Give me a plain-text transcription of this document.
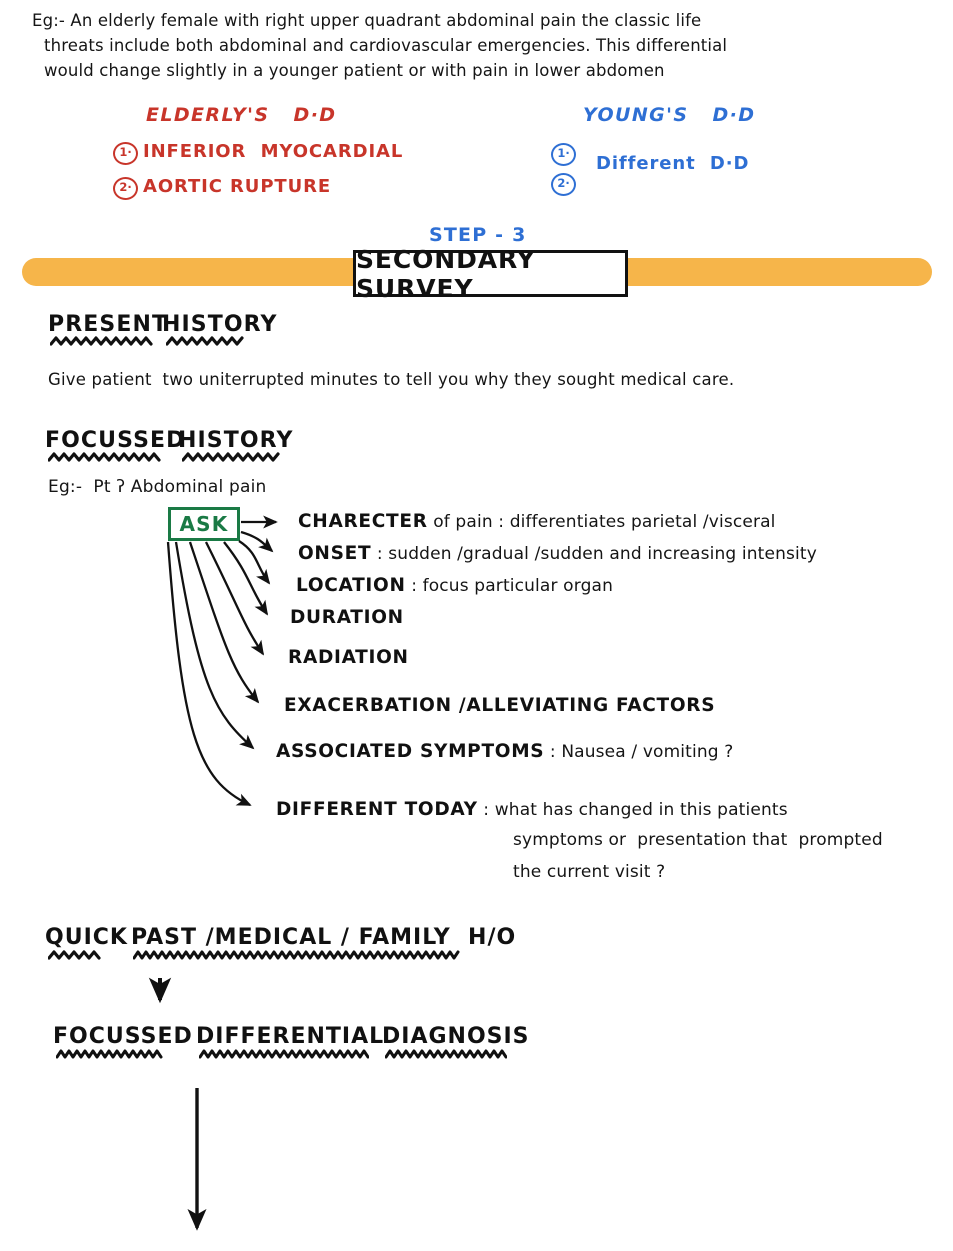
Eg:- An elderly female with right upper quadrant abdominal pain the classic life
threats include both abdominal and cardiovascular emergencies. This differential
would change slightly in a younger patient or with pain in lower abdomen
ELDERLY'S   D·D
1· INFERIOR  MYOCARDIAL
2· AORTIC RUPTURE
YOUNG'S   D·D
1·	Different  D·D
2·
STEP - 3
SECONDARY SURVEY
PRESENT
HISTORY
Give patient  two uniterrupted minutes to tell you why they sought medical care.
FOCUSSED
HISTORY
Eg:-  Pt ʔ Abdominal pain
ASK	CHARECTER of pain : differentiates parietal /visceral
ONSET : sudden /gradual /sudden and increasing intensity
LOCATION : focus particular organ
DURATION
RADIATION
EXACERBATION /ALLEVIATING FACTORS
ASSOCIATED SYMPTOMS : Nausea / vomiting ?
DIFFERENT TODAY : what has changed in this patients
symptoms or  presentation that  prompted
the current visit ?
QUICK PAST /MEDICAL / FAMILY  H/O
FOCUSSED DIFFERENTIAL
DIAGNOSIS
